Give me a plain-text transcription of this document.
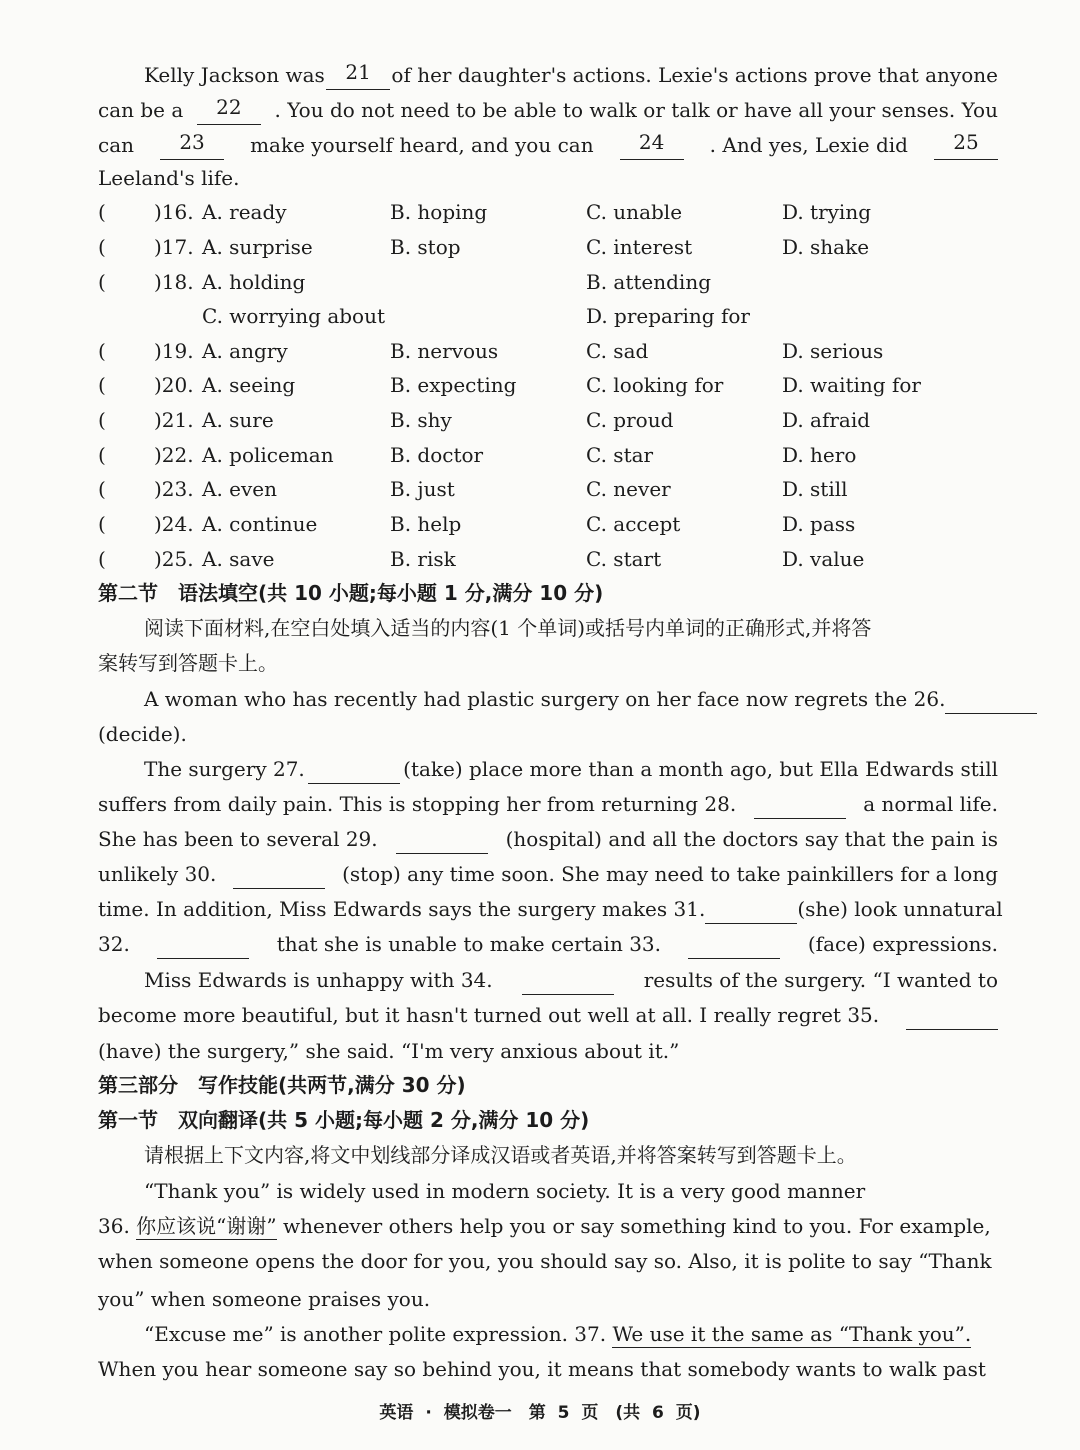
Kelly Jackson was	21	of her daughter's actions. Lexie's actions prove that anyone
can be a	22	. You do not need to be able to walk or talk or have all your senses. You
can	23	make yourself heard, and you can	24	. And yes, Lexie did	25
Leeland's life.
( )16. A. ready	B. hoping	C. unable	D. trying
( )17. A. surprise	B. stop	C. interest	D. shake
( )18. A. holding	B. attending
C. worrying about	D. preparing for
( )19. A. angry	B. nervous	C. sad	D. serious
( )20. A. seeing	B. expecting	C. looking for	D. waiting for
( )21. A. sure	B. shy	C. proud	D. afraid
( )22. A. policeman	B. doctor	C. star	D. hero
( )23. A. even	B. just	C. never	D. still
( )24. A. continue	B. help	C. accept	D. pass
( )25. A. save	B. risk	C. start	D. value
第二节　语法填空(共 10 小题;每小题 1 分,满分 10 分)
阅读下面材料,在空白处填入适当的内容(1 个单词)或括号内单词的正确形式,并将答
案转写到答题卡上。
A woman who has recently had plastic surgery on her face now regrets the 26.
(decide).
The surgery 27.	(take) place more than a month ago, but Ella Edwards still
suffers from daily pain. This is stopping her from returning 28.	a normal life.
She has been to several 29.	(hospital) and all the doctors say that the pain is
unlikely 30.	(stop) any time soon. She may need to take painkillers for a long
time. In addition, Miss Edwards says the surgery makes 31.	(she) look unnatural
32.	that she is unable to make certain 33.	(face) expressions.
Miss Edwards is unhappy with 34.	results of the surgery. “I wanted to
become more beautiful, but it hasn't turned out well at all. I really regret 35.
(have) the surgery,” she said. “I'm very anxious about it.”
第三部分　写作技能(共两节,满分 30 分)
第一节　双向翻译(共 5 小题;每小题 2 分,满分 10 分)
请根据上下文内容,将文中划线部分译成汉语或者英语,并将答案转写到答题卡上。
“Thank you” is widely used in modern society. It is a very good manner
36. 你应该说“谢谢” whenever others help you or say something kind to you. For example,
when someone opens the door for you, you should say so. Also, it is polite to say “Thank
you” when someone praises you.
“Excuse me” is another polite expression. 37. We use it the same as “Thank you”.
When you hear someone say so behind you, it means that somebody wants to walk past
英语 · 模拟卷一　第 5 页　(共 6 页)
